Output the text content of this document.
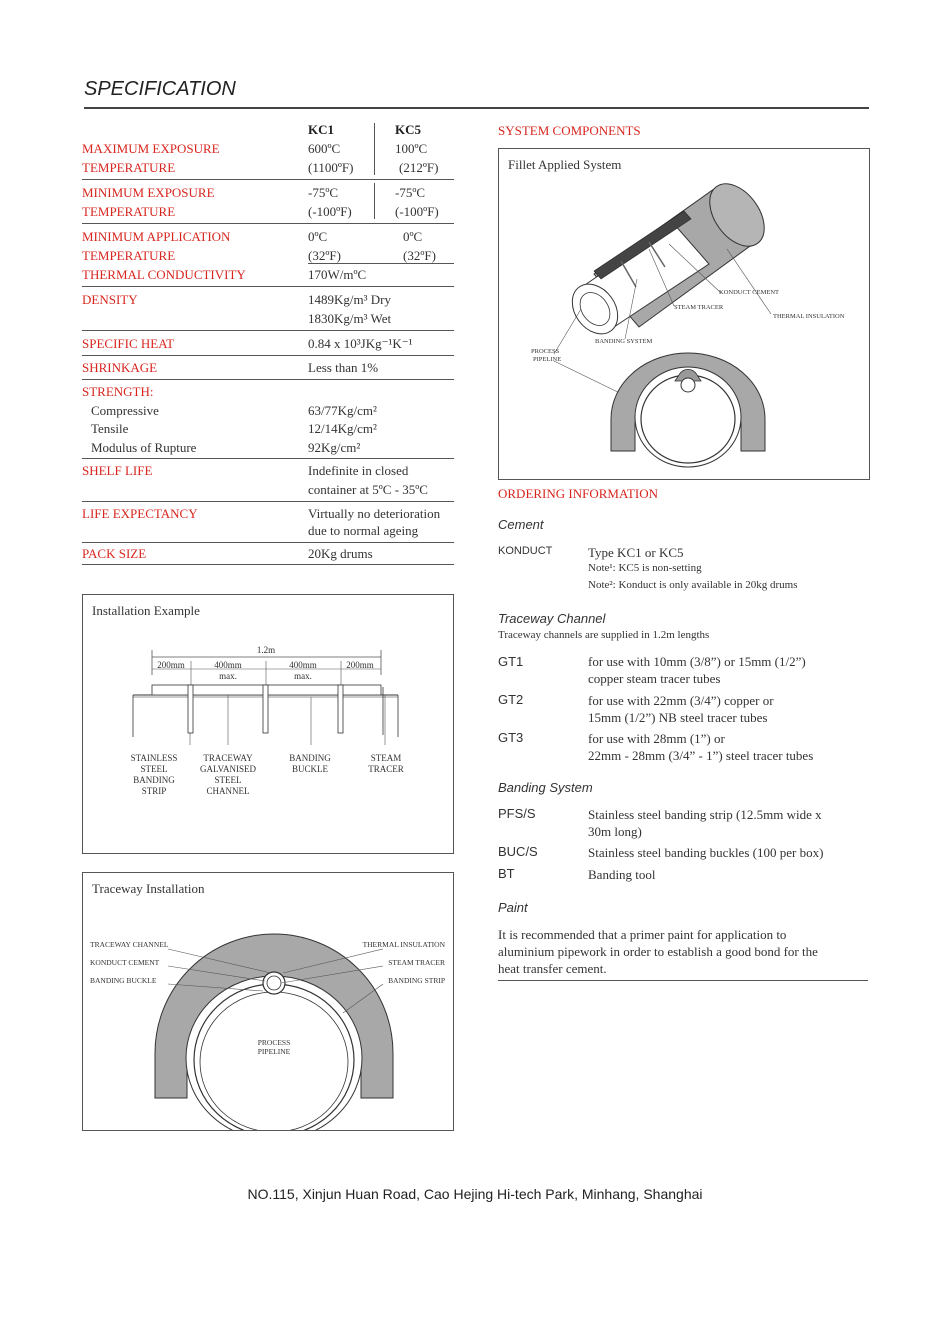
SPECIFICATION
KC1	KC5
MAXIMUM EXPOSURE	600ºC	100ºC
TEMPERATURE	(1100ºF)	(212ºF)
MINIMUM EXPOSURE	-75ºC	-75ºC
TEMPERATURE	(-100ºF)	(-100ºF)
MINIMUM APPLICATION	0ºC	0ºC
TEMPERATURE	(32ºF)	(32ºF)
THERMAL CONDUCTIVITY	170W/mºC
DENSITY	1489Kg/m³ Dry
1830Kg/m³ Wet
SPECIFIC HEAT	0.84 x 10³JKg⁻¹K⁻¹
SHRINKAGE	Less than 1%
STRENGTH:
Compressive	63/77Kg/cm²
Tensile	12/14Kg/cm²
Modulus of Rupture	92Kg/cm²
SHELF LIFE	Indefinite in closed
container at 5ºC - 35ºC
LIFE EXPECTANCY	Virtually no deterioration
due to normal ageing
PACK SIZE	20Kg drums
Installation Example
1.2m
200mm	400mm
max.
400mm
max.
200mm
STAINLESS
STEEL
BANDING
STRIP
TRACEWAY
GALVANISED
STEEL
CHANNEL
BANDING
BUCKLE
STEAM
TRACER
Traceway Installation
TRACEWAY CHANNEL
KONDUCT CEMENT
BANDING BUCKLE
THERMAL INSULATION
STEAM TRACER
BANDING STRIP
PROCESS
PIPELINE
SYSTEM COMPONENTS
Fillet Applied System
KONDUCT CEMENT
STEAM TRACER
THERMAL INSULATION
BANDING SYSTEM
PROCESS
PIPELINE
ORDERING INFORMATION
Cement
KONDUCT	Type KC1 or KC5
Note¹: KC5 is non-setting
Note²: Konduct is only available in 20kg drums
Traceway Channel
Traceway channels are supplied in 1.2m lengths
GT1	for use with 10mm (3/8”) or 15mm (1/2”)
copper steam tracer tubes
GT2	for use with 22mm (3/4”) copper or
15mm (1/2”) NB steel tracer tubes
GT3	for use with 28mm (1”) or
22mm - 28mm (3/4” - 1”) steel tracer tubes
Banding System
PFS/S	Stainless steel banding strip (12.5mm wide x
30m long)
BUC/S	Stainless steel banding buckles (100 per box)
BT	Banding tool
Paint
It is recommended that a primer paint for application to
aluminium pipework in order to establish a good bond for the
heat transfer cement.
NO.115, Xinjun Huan Road, Cao Hejing Hi-tech Park, Minhang, Shanghai
